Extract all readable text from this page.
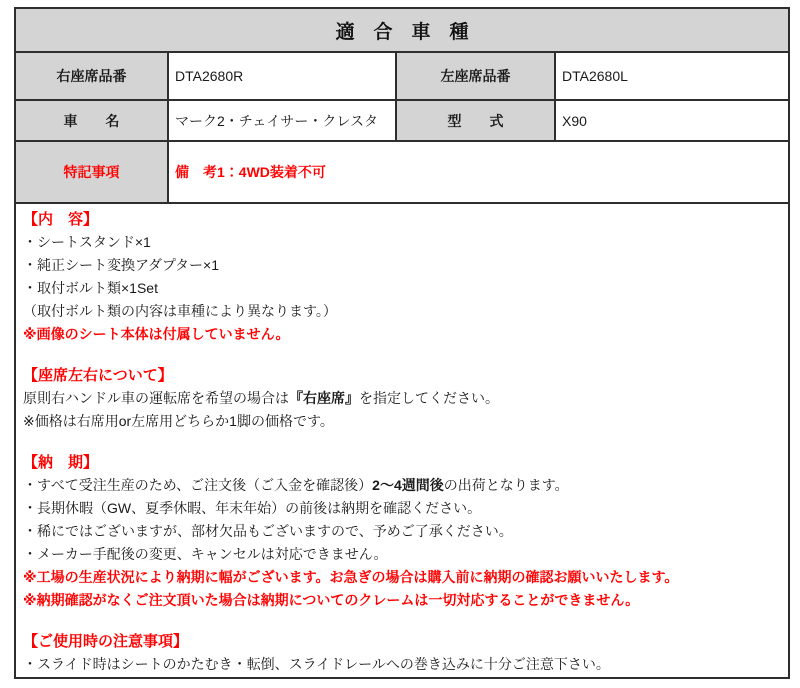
適　合　車　種
右座席品番	DTA2680R	左座席品番	DTA2680L
車　　名	マーク2・チェイサー・クレスタ	型　　式	X90
特記事項	備　考1：4WD装着不可
【内　容】
・シートスタンド×1
・純正シート変換アダプター×1
・取付ボルト類×1Set
（取付ボルト類の内容は車種により異なります。）
※画像のシート本体は付属していません。
【座席左右について】
原則右ハンドル車の運転席を希望の場合は『右座席』を指定してください。
※価格は右席用or左席用どちらか1脚の価格です。
【納　期】
・すべて受注生産のため、ご注文後（ご入金を確認後）2～4週間後の出荷となります。
・長期休暇（GW、夏季休暇、年末年始）の前後は納期を確認ください。
・稀にではございますが、部材欠品もございますので、予めご了承ください。
・メーカー手配後の変更、キャンセルは対応できません。
※工場の生産状況により納期に幅がございます。お急ぎの場合は購入前に納期の確認お願いいたします。
※納期確認がなくご注文頂いた場合は納期についてのクレームは一切対応することができません。
【ご使用時の注意事項】
・スライド時はシートのかたむき・転倒、スライドレールへの巻き込みに十分ご注意下さい。
